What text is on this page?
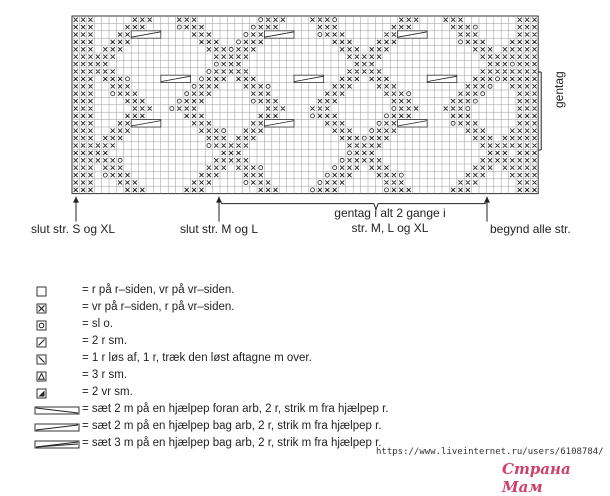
slut str. S og XL	slut str. M og L
gentag i alt 2 gange i
str. M, L og XL	begynd alle str.
gentag
= r på r–siden, vr på vr–siden.
= vr på r–siden, r på vr–siden.
= sl o.
= 2 r sm.
= 1 r løs af, 1 r, træk den løst aftagne m over.
= 3 r sm.
= 2 vr sm.
= sæt 2 m på en hjælpep foran arb, 2 r, strik m fra hjælpep r.
= sæt 2 m på en hjælpep bag arb, 2 r, strik m fra hjælpep r.
= sæt 3 m på en hjælpep bag arb, 2 r, strik m fra hjælpep r.
https://www.liveinternet.ru/users/6108784/
Страна Мам
